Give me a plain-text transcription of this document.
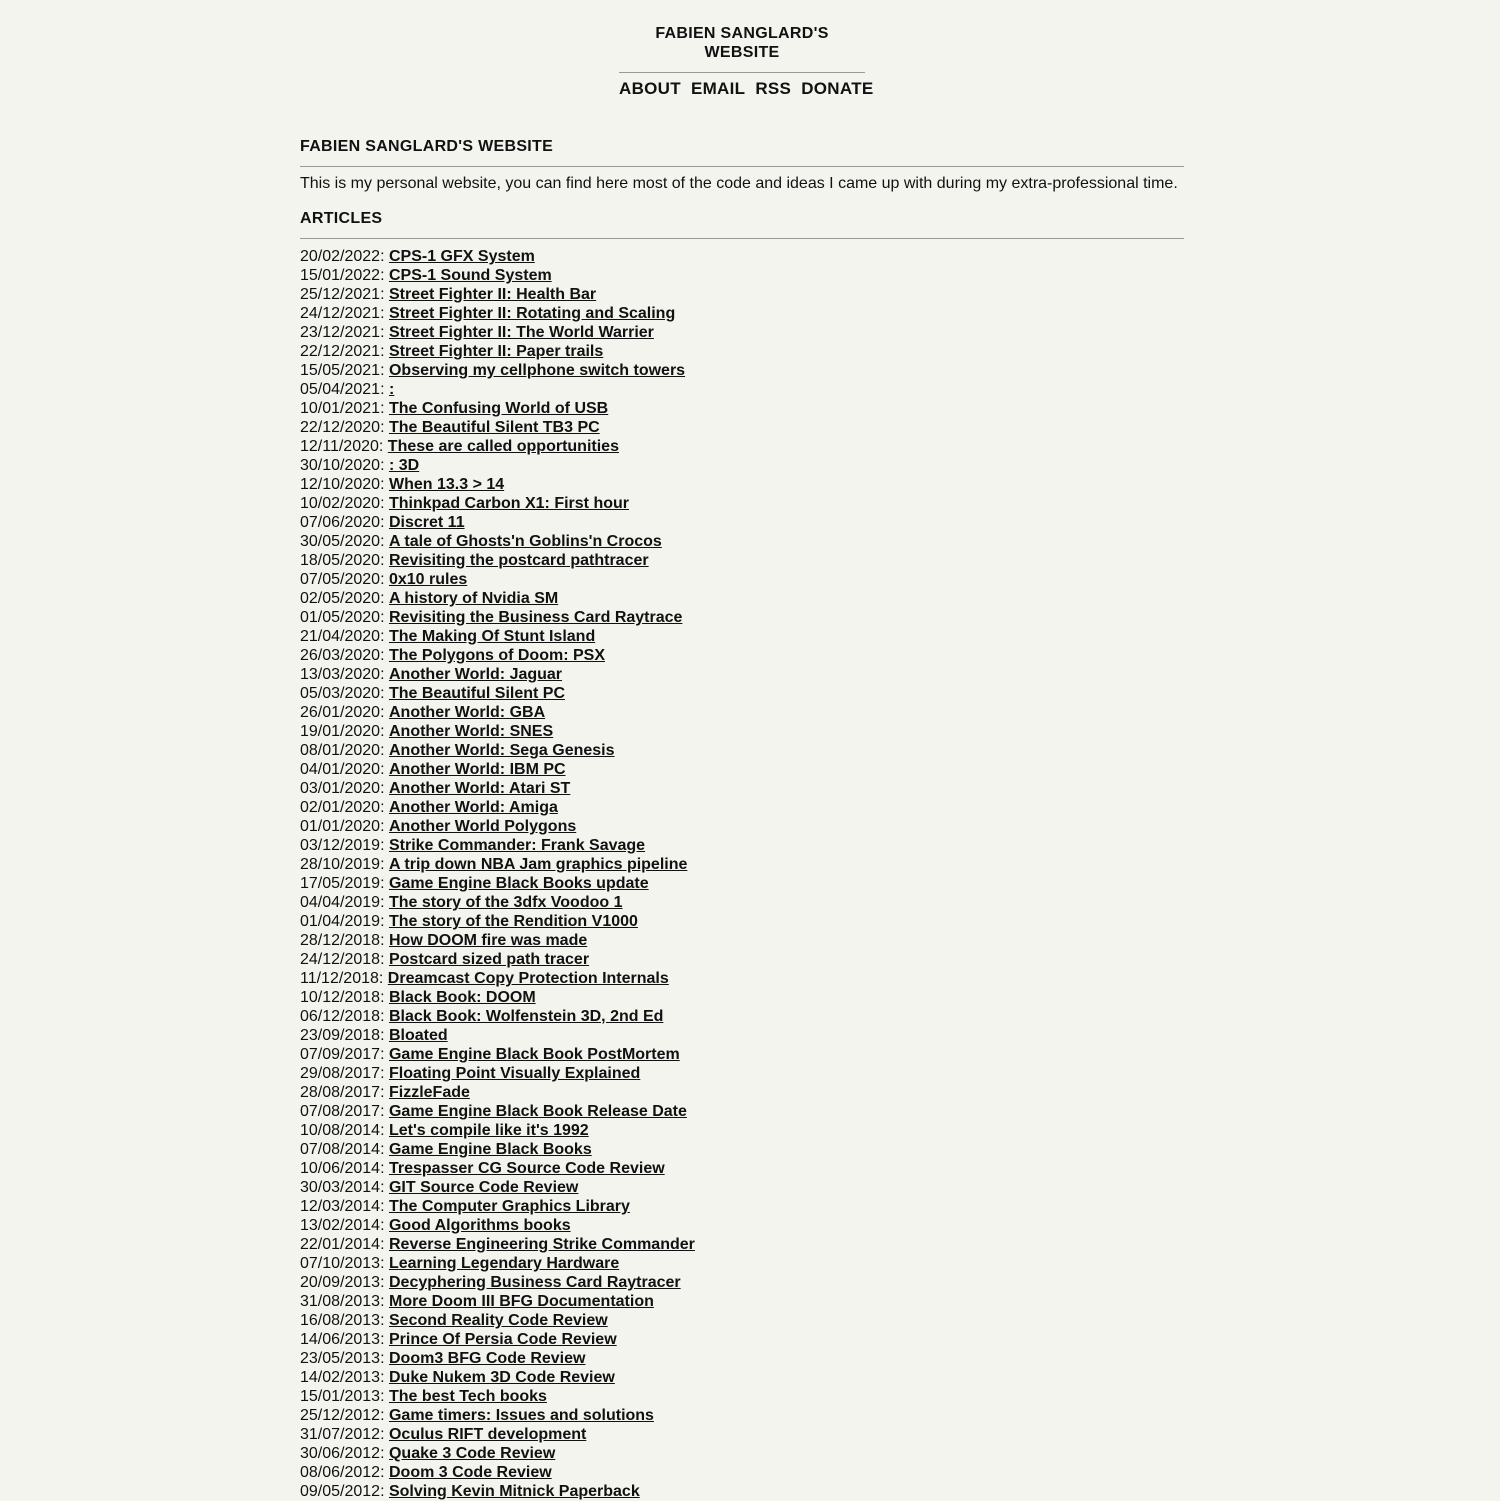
FABIEN SANGLARD'S WEBSITE
ABOUT EMAIL RSS DONATE
FABIEN SANGLARD'S WEBSITE

This is my personal website, you can find here most of the code and ideas I came up with during my extra-professional time.

ARTICLES
20/02/2022: CPS-1 GFX System
15/01/2022: CPS-1 Sound System
25/12/2021: Street Fighter II: Health Bar
24/12/2021: Street Fighter II: Rotating and Scaling
23/12/2021: Street Fighter II: The World Warrier
22/12/2021: Street Fighter II: Paper trails
15/05/2021: Observing my cellphone switch towers
05/04/2021: :
10/01/2021: The Confusing World of USB
22/12/2020: The Beautiful Silent TB3 PC
12/11/2020: These are called opportunities
30/10/2020: : 3D
12/10/2020: When 13.3 > 14
10/02/2020: Thinkpad Carbon X1: First hour
07/06/2020: Discret 11
30/05/2020: A tale of Ghosts'n Goblins'n Crocos
18/05/2020: Revisiting the postcard pathtracer
07/05/2020: 0x10 rules
02/05/2020: A history of Nvidia SM
01/05/2020: Revisiting the Business Card Raytrace
21/04/2020: The Making Of Stunt Island
26/03/2020: The Polygons of Doom: PSX
13/03/2020: Another World: Jaguar
05/03/2020: The Beautiful Silent PC
26/01/2020: Another World: GBA
19/01/2020: Another World: SNES
08/01/2020: Another World: Sega Genesis
04/01/2020: Another World: IBM PC
03/01/2020: Another World: Atari ST
02/01/2020: Another World: Amiga
01/01/2020: Another World Polygons
03/12/2019: Strike Commander: Frank Savage
28/10/2019: A trip down NBA Jam graphics pipeline
17/05/2019: Game Engine Black Books update
04/04/2019: The story of the 3dfx Voodoo 1
01/04/2019: The story of the Rendition V1000
28/12/2018: How DOOM fire was made
24/12/2018: Postcard sized path tracer
11/12/2018: Dreamcast Copy Protection Internals
10/12/2018: Black Book: DOOM
06/12/2018: Black Book: Wolfenstein 3D, 2nd Ed
23/09/2018: Bloated
07/09/2017: Game Engine Black Book PostMortem
29/08/2017: Floating Point Visually Explained
28/08/2017: FizzleFade
07/08/2017: Game Engine Black Book Release Date
10/08/2014: Let's compile like it's 1992
07/08/2014: Game Engine Black Books
10/06/2014: Trespasser CG Source Code Review
30/03/2014: GIT Source Code Review
12/03/2014: The Computer Graphics Library
13/02/2014: Good Algorithms books
22/01/2014: Reverse Engineering Strike Commander
07/10/2013: Learning Legendary Hardware
20/09/2013: Decyphering Business Card Raytracer
31/08/2013: More Doom III BFG Documentation
16/08/2013: Second Reality Code Review
14/06/2013: Prince Of Persia Code Review
23/05/2013: Doom3 BFG Code Review
14/02/2013: Duke Nukem 3D Code Review
15/01/2013: The best Tech books
25/12/2012: Game timers: Issues and solutions
31/07/2012: Oculus RIFT development
30/06/2012: Quake 3 Code Review
08/06/2012: Doom 3 Code Review
09/05/2012: Solving Kevin Mitnick Paperback
